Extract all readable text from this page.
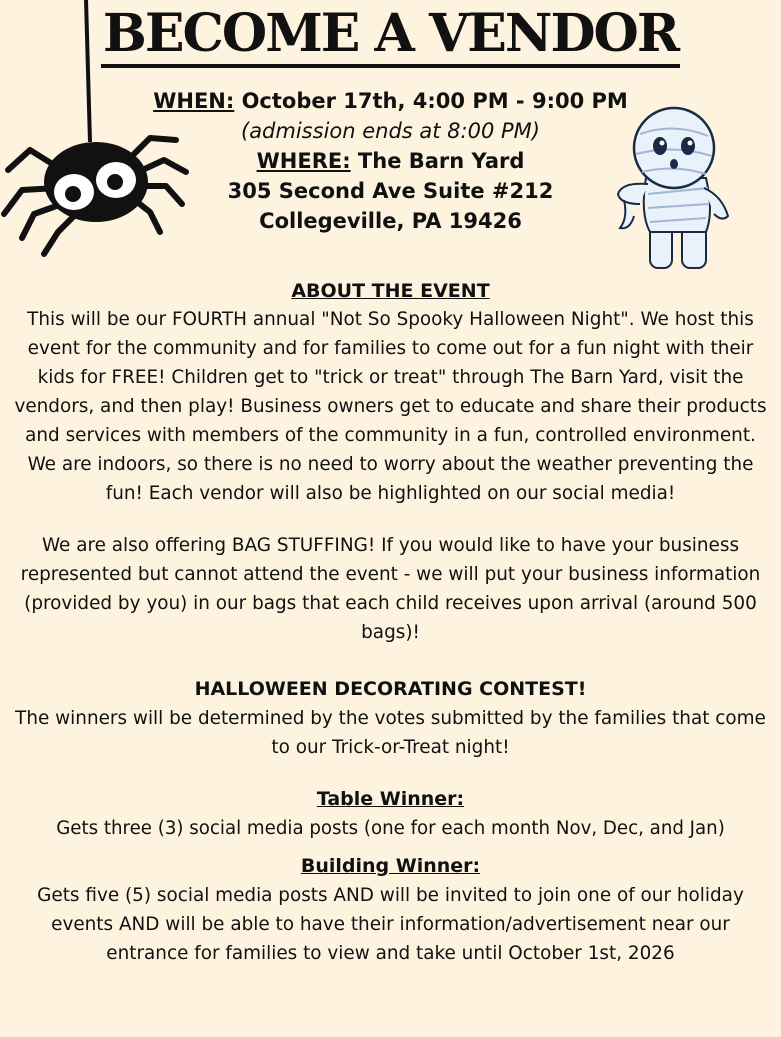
BECOME A VENDOR
WHEN: October 17th, 4:00 PM - 9:00 PM
(admission ends at 8:00 PM)
WHERE: The Barn Yard
305 Second Ave Suite #212
Collegeville, PA 19426
ABOUT THE EVENT
This will be our FOURTH annual "Not So Spooky Halloween Night". We host this event for the community and for families to come out for a fun night with their kids for FREE! Children get to "trick or treat" through The Barn Yard, visit the vendors, and then play! Business owners get to educate and share their products and services with members of the community in a fun, controlled environment. We are indoors, so there is no need to worry about the weather preventing the fun! Each vendor will also be highlighted on our social media!
We are also offering BAG STUFFING! If you would like to have your business represented but cannot attend the event - we will put your business information (provided by you) in our bags that each child receives upon arrival (around 500 bags)!
HALLOWEEN DECORATING CONTEST!
The winners will be determined by the votes submitted by the families that come to our Trick-or-Treat night!
Table Winner:
Gets three (3) social media posts (one for each month Nov, Dec, and Jan)
Building Winner:
Gets five (5) social media posts AND will be invited to join one of our holiday events AND will be able to have their information/advertisement near our entrance for families to view and take until October 1st, 2026
